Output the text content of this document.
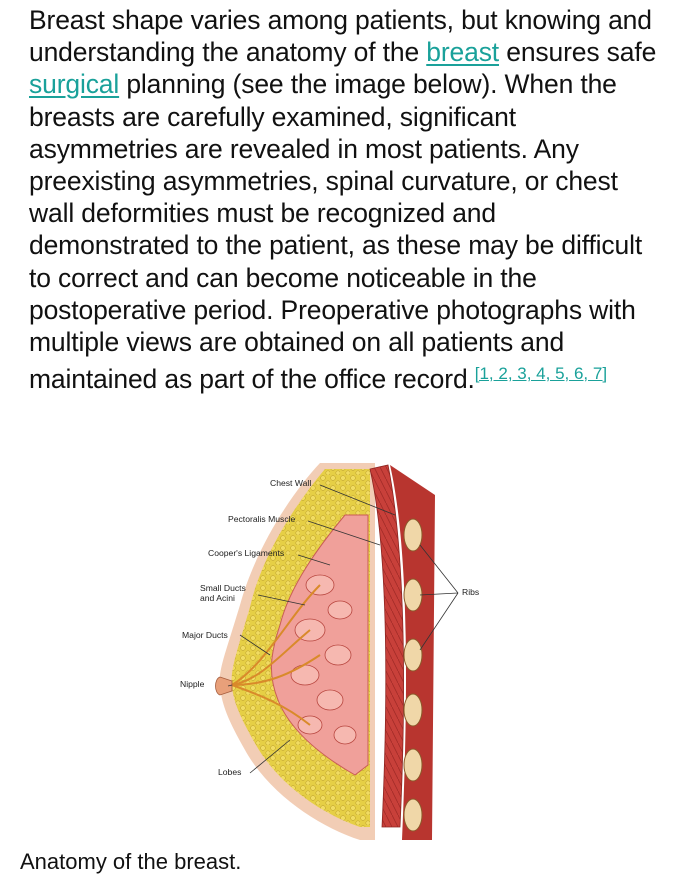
Breast shape varies among patients, but knowing and understanding the anatomy of the breast ensures safe surgical planning (see the image below). When the breasts are carefully examined, significant asymmetries are revealed in most patients. Any preexisting asymmetries, spinal curvature, or chest wall deformities must be recognized and demonstrated to the patient, as these may be difficult to correct and can become noticeable in the postoperative period. Preoperative photographs with multiple views are obtained on all patients and maintained as part of the office record.[1, 2, 3, 4, 5, 6, 7]
Chest Wall
Pectoralis Muscle
Cooper's Ligaments
Small Ducts
and Acini
Major Ducts
Nipple
Lobes
Ribs
Anatomy of the breast.
